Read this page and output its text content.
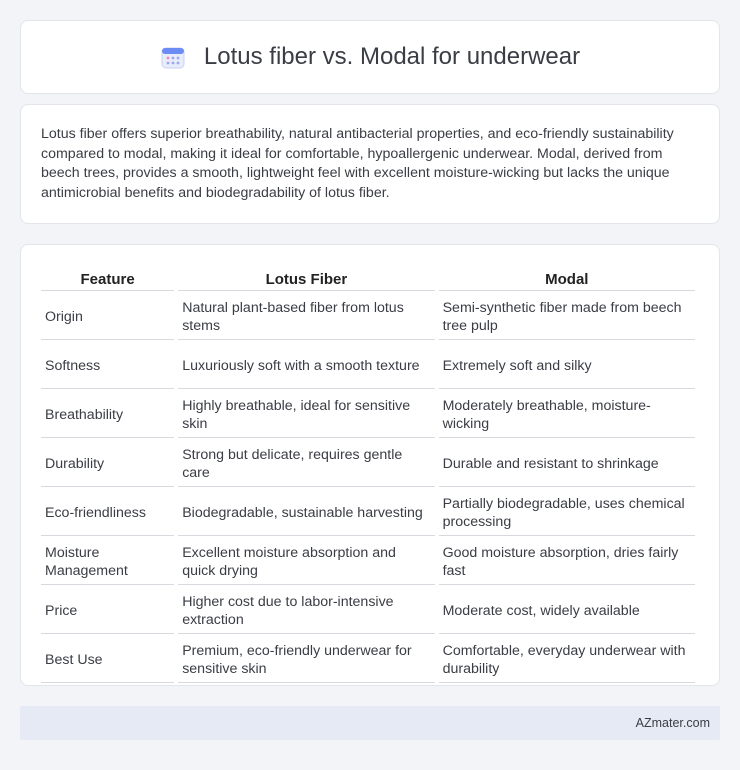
Lotus fiber vs. Modal for underwear

Lotus fiber offers superior breathability, natural antibacterial properties, and eco-friendly sustainability compared to modal, making it ideal for comfortable, hypoallergenic underwear. Modal, derived from beech trees, provides a smooth, lightweight feel with excellent moisture-wicking but lacks the unique antimicrobial benefits and biodegradability of lotus fiber.

Feature	Lotus Fiber	Modal
Origin	Natural plant-based fiber from lotus stems	Semi-synthetic fiber made from beech tree pulp
Softness	Luxuriously soft with a smooth texture	Extremely soft and silky
Breathability	Highly breathable, ideal for sensitive skin	Moderately breathable, moisture-wicking
Durability	Strong but delicate, requires gentle care	Durable and resistant to shrinkage
Eco-friendliness	Biodegradable, sustainable harvesting	Partially biodegradable, uses chemical processing
Moisture Management	Excellent moisture absorption and quick drying	Good moisture absorption, dries fairly fast
Price	Higher cost due to labor-intensive extraction	Moderate cost, widely available
Best Use	Premium, eco-friendly underwear for sensitive skin	Comfortable, everyday underwear with durability
AZmater.com
